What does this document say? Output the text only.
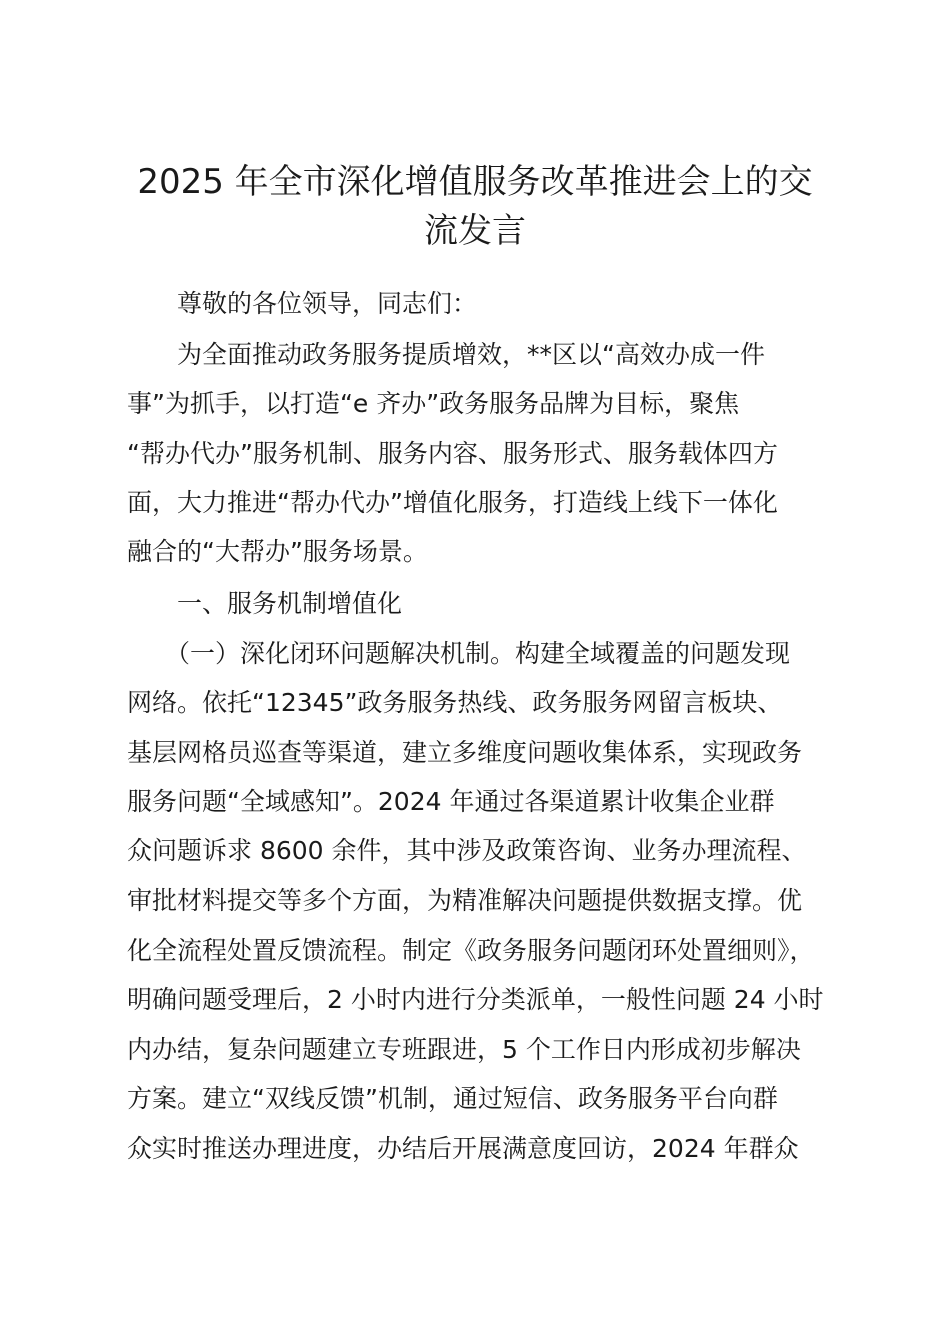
2025 年全市深化增值服务改革推进会上的交
流发言

尊敬的各位领导，同志们：

为全面推动政务服务提质增效，**区以“高效办成一件

事”为抓手，以打造“e 齐办”政务服务品牌为目标，聚焦

“帮办代办”服务机制、服务内容、服务形式、服务载体四方

面，大力推进“帮办代办”增值化服务，打造线上线下一体化

融合的“大帮办”服务场景。

一、服务机制增值化

（一）深化闭环问题解决机制。构建全域覆盖的问题发现

网络。依托“12345”政务服务热线、政务服务网留言板块、

基层网格员巡查等渠道，建立多维度问题收集体系，实现政务

服务问题“全域感知”。2024 年通过各渠道累计收集企业群

众问题诉求 8600 余件，其中涉及政策咨询、业务办理流程、

审批材料提交等多个方面，为精准解决问题提供数据支撑。优

化全流程处置反馈流程。制定《政务服务问题闭环处置细则》，

明确问题受理后，2 小时内进行分类派单，一般性问题 24 小时

内办结，复杂问题建立专班跟进，5 个工作日内形成初步解决

方案。建立“双线反馈”机制，通过短信、政务服务平台向群

众实时推送办理进度，办结后开展满意度回访，2024 年群众
